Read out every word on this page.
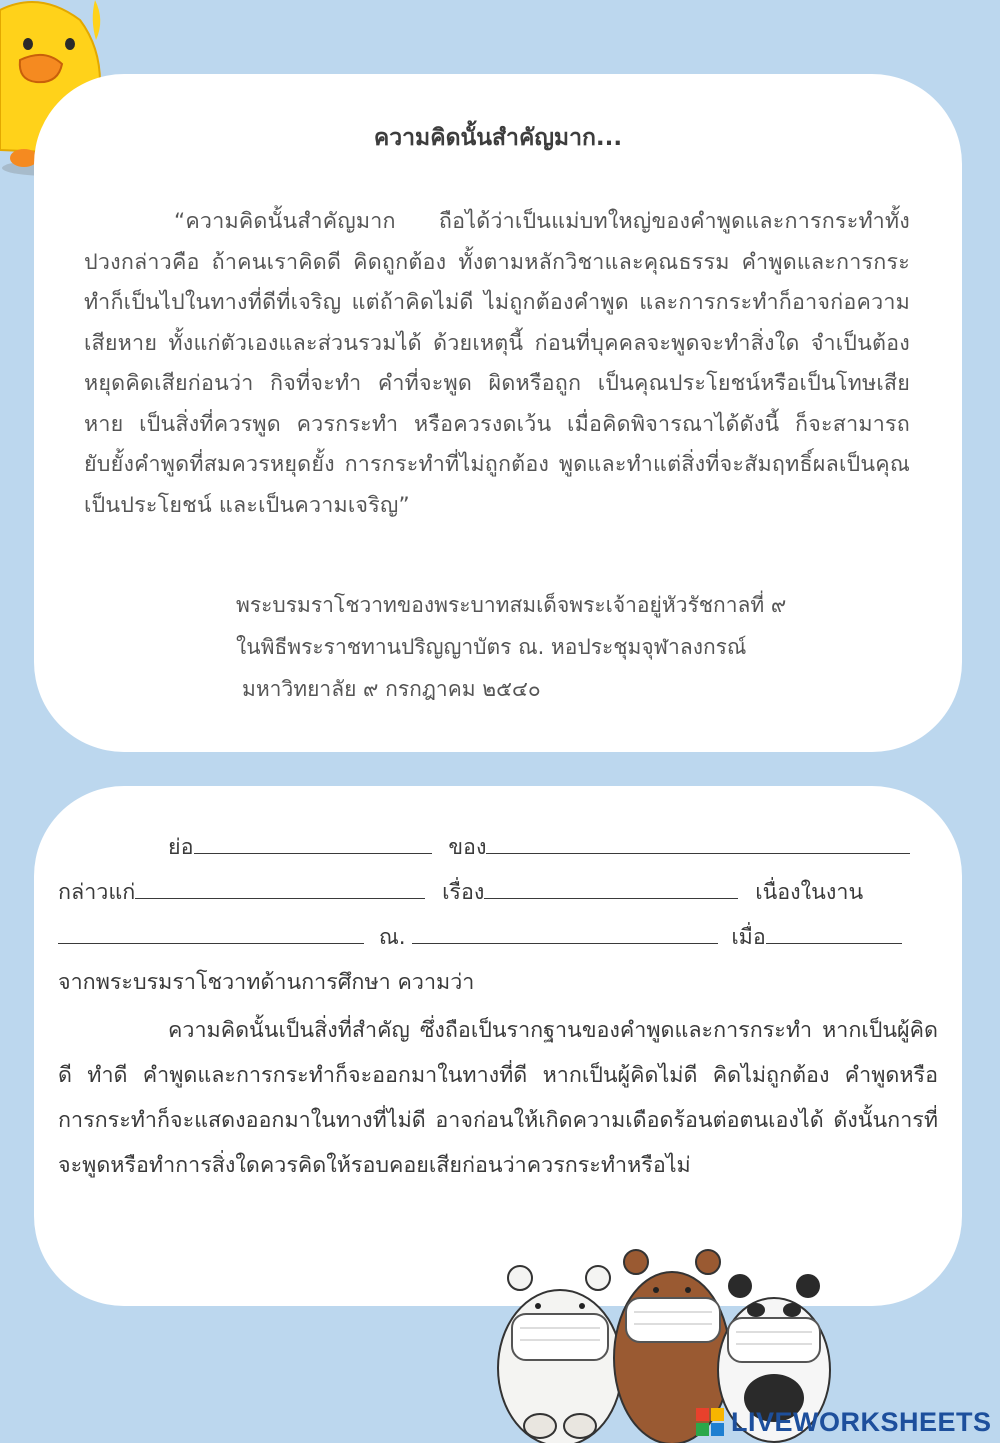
ความคิดนั้นสำคัญมาก...

“ความคิดนั้นสำคัญมาก ถือได้ว่าเป็นแม่บทใหญ่ของคำพูดและการกระทำทั้งปวงกล่าวคือ ถ้าคนเราคิดดี คิดถูกต้อง ทั้งตามหลักวิชาและคุณธรรม คำพูดและการกระทำก็เป็นไปในทางที่ดีที่เจริญ แต่ถ้าคิดไม่ดี ไม่ถูกต้องคำพูด และการกระทำก็อาจก่อความเสียหาย ทั้งแก่ตัวเองและส่วนรวมได้ ด้วยเหตุนี้ ก่อนที่บุคคลจะพูดจะทำสิ่งใด จำเป็นต้องหยุดคิดเสียก่อนว่า กิจที่จะทำ คำที่จะพูด ผิดหรือถูก เป็นคุณประโยชน์หรือเป็นโทษเสียหาย เป็นสิ่งที่ควรพูด ควรกระทำ หรือควรงดเว้น เมื่อคิดพิจารณาได้ดังนี้ ก็จะสามารถยับยั้งคำพูดที่สมควรหยุดยั้ง การกระทำที่ไม่ถูกต้อง พูดและทำแต่สิ่งที่จะสัมฤทธิ์ผลเป็นคุณ เป็นประโยชน์ และเป็นความเจริญ”

พระบรมราโชวาทของพระบาทสมเด็จพระเจ้าอยู่หัวรัชกาลที่ ๙
ในพิธีพระราชทานปริญญาบัตร ณ. หอประชุมจุฬาลงกรณ์
มหาวิทยาลัย ๙ กรกฎาคม ๒๕๔๐
ย่อ	ของ
กล่าวแก่	เรื่อง	เนื่องในงาน
ณ.	เมื่อ
จากพระบรมราโชวาทด้านการศึกษา ความว่า

ความคิดนั้นเป็นสิ่งที่สำคัญ ซึ่งถือเป็นรากฐานของคำพูดและการกระทำ หากเป็นผู้คิดดี ทำดี คำพูดและการกระทำก็จะออกมาในทางที่ดี หากเป็นผู้คิดไม่ดี คิดไม่ถูกต้อง คำพูดหรือการกระทำก็จะแสดงออกมาในทางที่ไม่ดี อาจก่อนให้เกิดความเดือดร้อนต่อตนเองได้ ดังนั้นการที่จะพูดหรือทำการสิ่งใดควรคิดให้รอบคอยเสียก่อนว่าควรกระทำหรือไม่

LIVEWORKSHEETS
